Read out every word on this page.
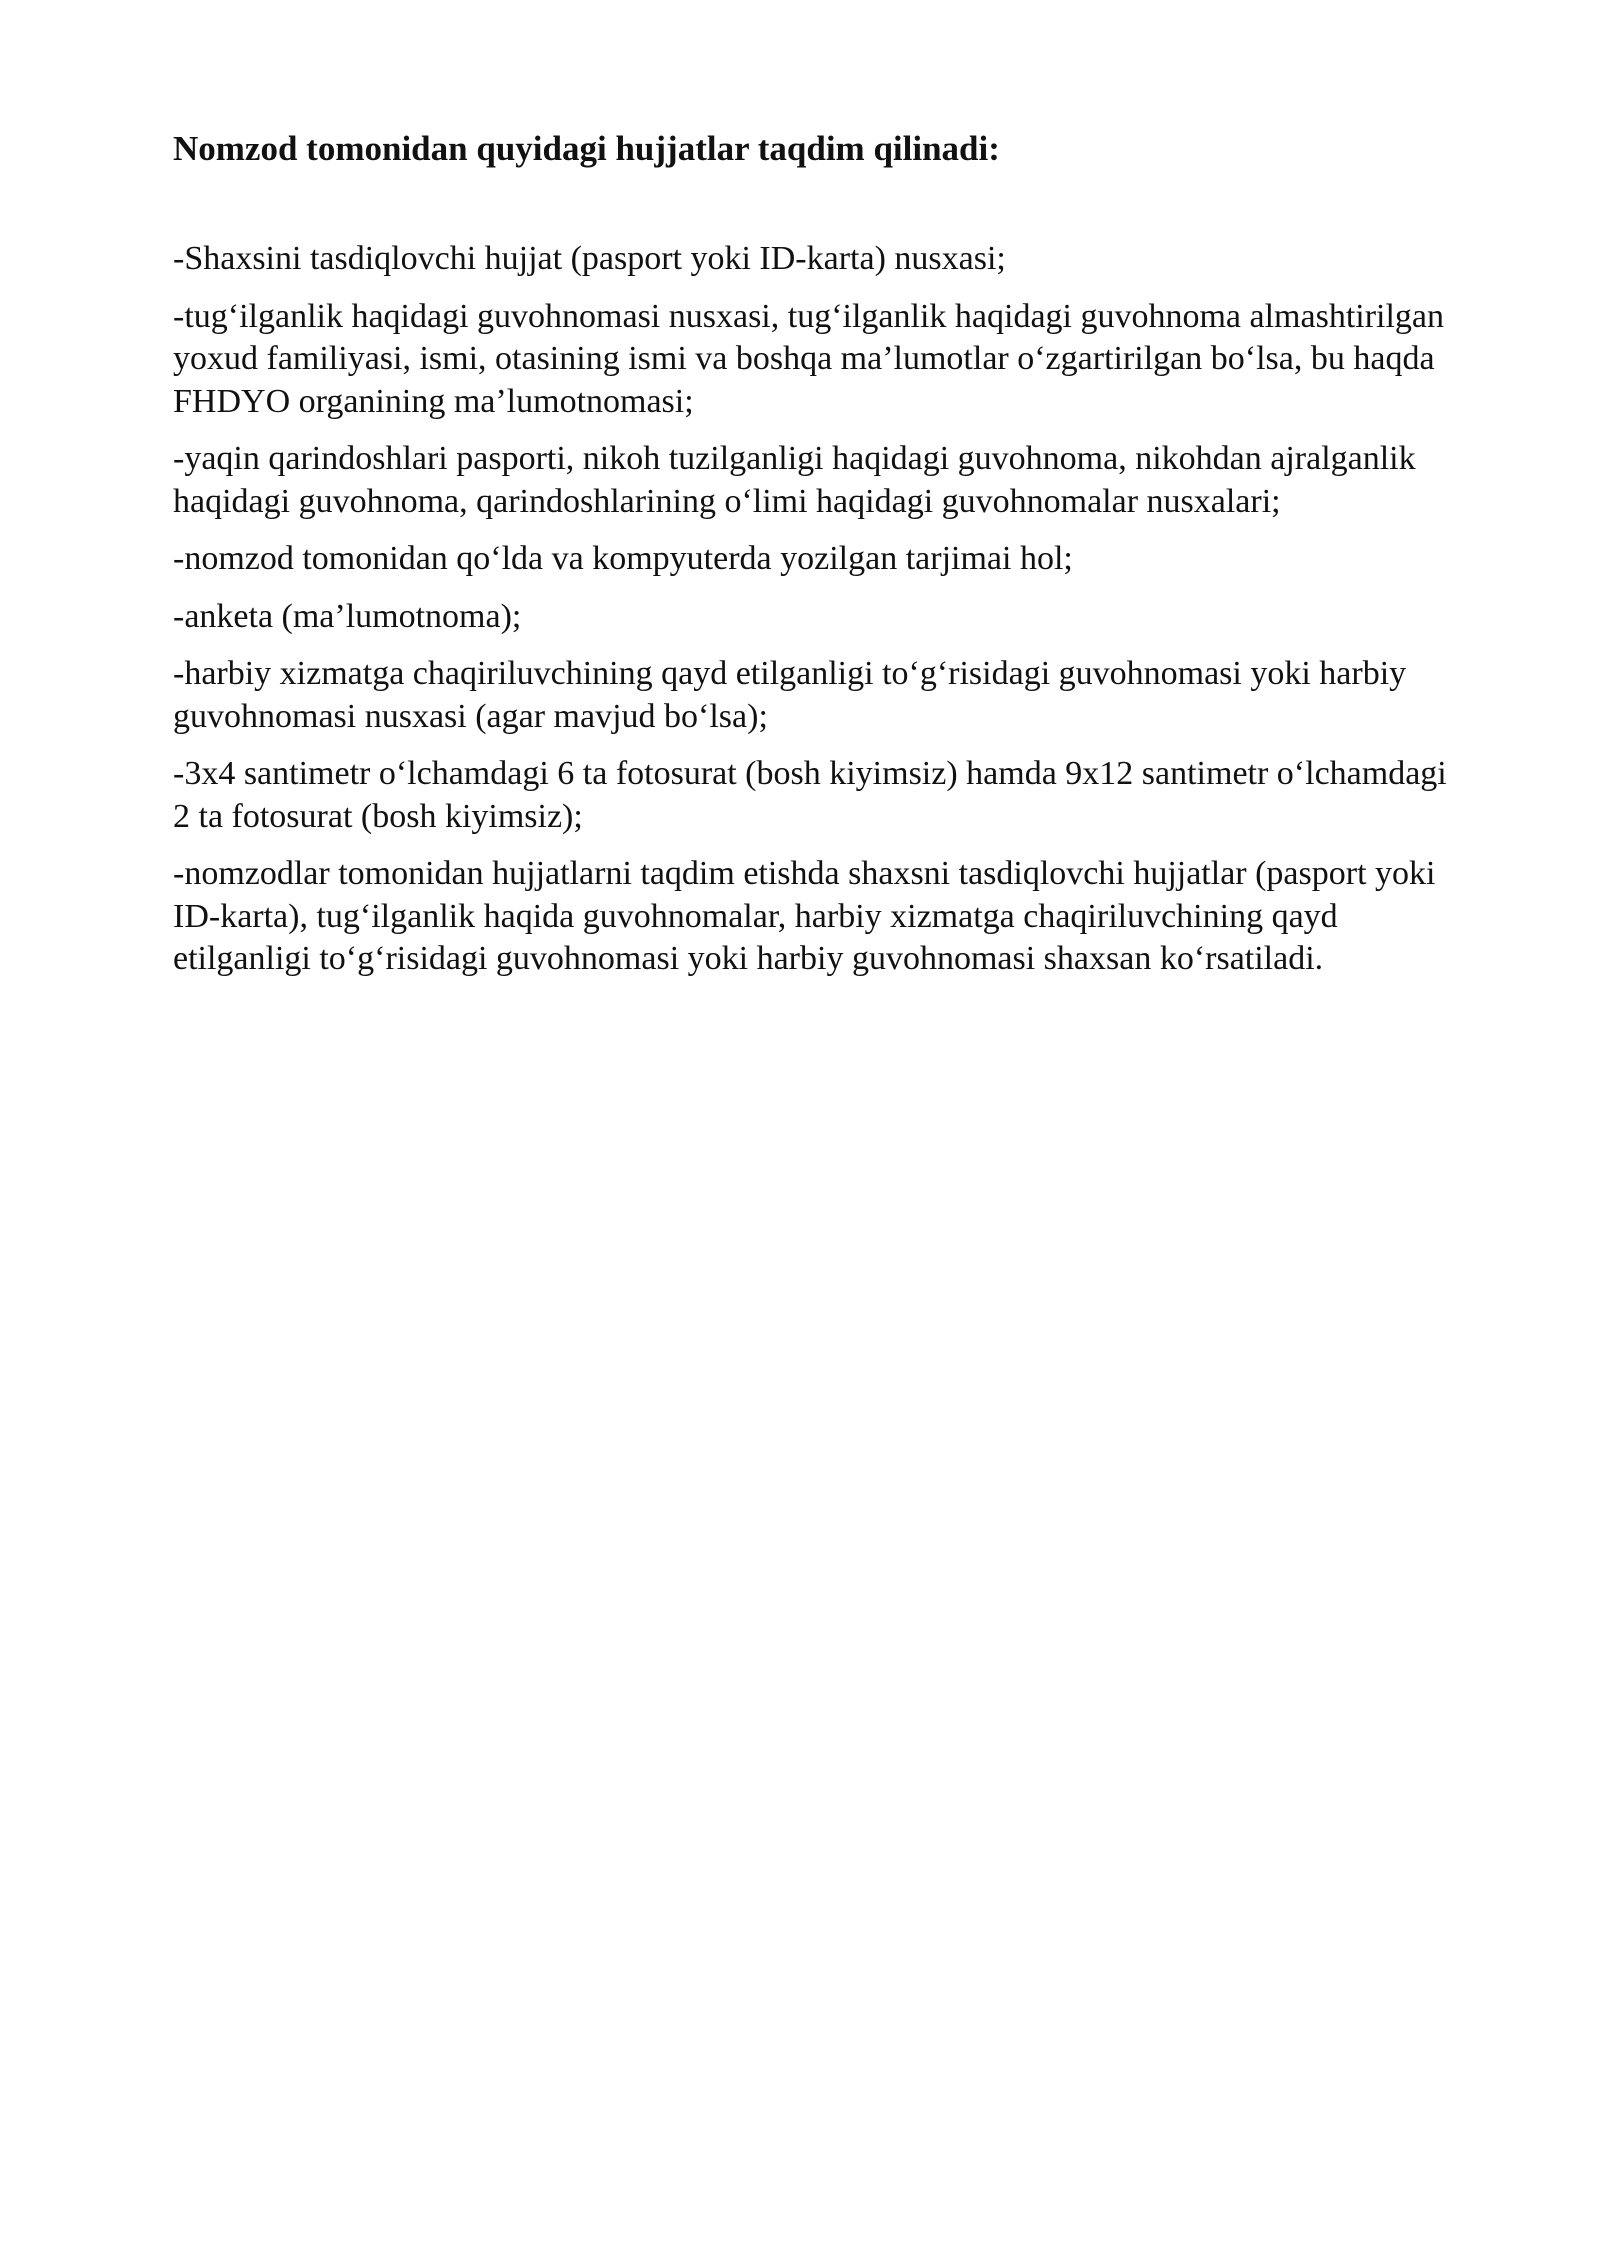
Nomzod tomonidan quyidagi hujjatlar taqdim qilinadi:
-Shaxsini tasdiqlovchi hujjat (pasport yoki ID-karta) nusxasi;
-tug‘ilganlik haqidagi guvohnomasi nusxasi, tug‘ilganlik haqidagi guvohnoma almashtirilgan yoxud familiyasi, ismi, otasining ismi va boshqa ma’lumotlar o‘zgartirilgan bo‘lsa, bu haqda FHDYO organining ma’lumotnomasi;
-yaqin qarindoshlari pasporti, nikoh tuzilganligi haqidagi guvohnoma, nikohdan ajralganlik haqidagi guvohnoma, qarindoshlarining o‘limi haqidagi guvohnomalar nusxalari;
-nomzod tomonidan qo‘lda va kompyuterda yozilgan tarjimai hol;
-anketa (ma’lumotnoma);
-harbiy xizmatga chaqiriluvchining qayd etilganligi to‘g‘risidagi guvohnomasi yoki harbiy guvohnomasi nusxasi (agar mavjud bo‘lsa);
-3x4 santimetr o‘lchamdagi 6 ta fotosurat (bosh kiyimsiz) hamda 9x12 santimetr o‘lchamdagi 2 ta fotosurat (bosh kiyimsiz);
-nomzodlar tomonidan hujjatlarni taqdim etishda shaxsni tasdiqlovchi hujjatlar (pasport yoki ID-karta), tug‘ilganlik haqida guvohnomalar, harbiy xizmatga chaqiriluvchining qayd etilganligi to‘g‘risidagi guvohnomasi yoki harbiy guvohnomasi shaxsan ko‘rsatiladi.
